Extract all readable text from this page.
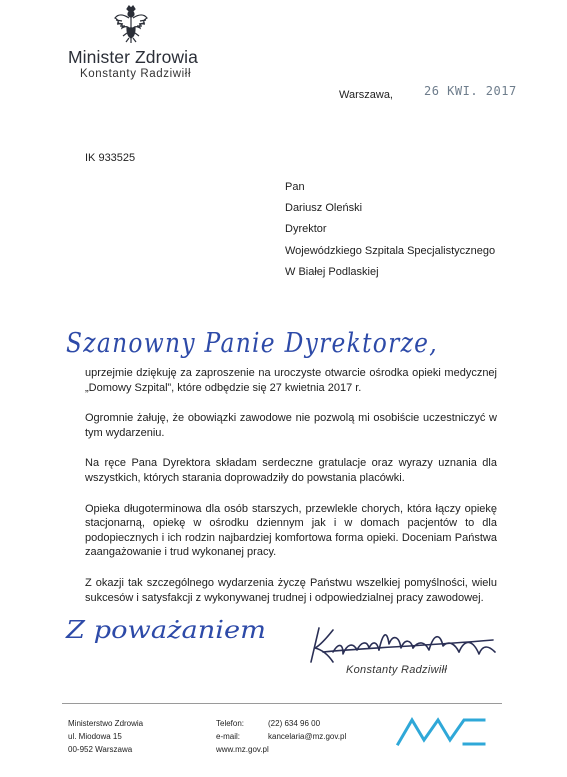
Minister Zdrowia
Konstanty Radziwiłł
Warszawa,	26 KWI. 2017
IK 933525
Pan
Dariusz Oleński
Dyrektor
Wojewódzkiego Szpitala Specjalistycznego
W Białej Podlaskiej
Szanowny Panie Dyrektorze,

uprzejmie dziękuję za zaproszenie na uroczyste otwarcie ośrodka opieki medycznej „Domowy Szpital”, które odbędzie się 27 kwietnia 2017 r.

Ogromnie żałuję, że obowiązki zawodowe nie pozwolą mi osobiście uczestniczyć w tym wydarzeniu.

Na ręce Pana Dyrektora składam serdeczne gratulacje oraz wyrazy uznania dla wszystkich, których starania doprowadziły do powstania placówki.

Opieka długoterminowa dla osób starszych, przewlekle chorych, która łączy opiekę stacjonarną, opiekę w ośrodku dziennym jak i w domach pacjentów to dla podopiecznych i ich rodzin najbardziej komfortowa forma opieki. Doceniam Państwa zaangażowanie i trud wykonanej pracy.

Z okazji tak szczególnego wydarzenia życzę Państwu wszelkiej pomyślności, wielu sukcesów i satysfakcji z wykonywanej trudnej i odpowiedzialnej pracy zawodowej.

Z poważaniem
Konstanty Radziwiłł
Ministerstwo Zdrowia
ul. Miodowa 15
00-952 Warszawa
Telefon:	(22) 634 96 00
e-mail:	kancelaria@mz.gov.pl
www.mz.gov.pl
